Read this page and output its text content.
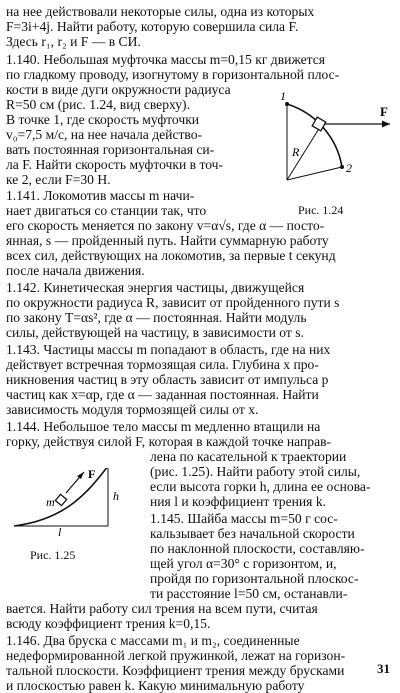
на нее действовали некоторые силы, одна из которых
F=3i+4j. Найти работу, которую совершила сила F.
Здесь r₁, r₂ и F — в СИ.
1.140. Небольшая муфточка массы m=0,15 кг движется
по гладкому проводу, изогнутому в горизонтальной плос-
кости в виде дуги окружности радиуса
R=50 см (рис. 1.24, вид сверху).
В точке 1, где скорость муфточки
v₀=7,5 м/с, на нее начала действо-
вать постоянная горизонтальная си-
ла F. Найти скорость муфточки в точ-
ке 2, если F=30 Н.
1.141. Локомотив массы m начи-
нает двигаться со станции так, что
его скорость меняется по закону v=α√s, где α — посто-
янная, s — пройденный путь. Найти суммарную работу
всех сил, действующих на локомотив, за первые t секунд
после начала движения.
1.142. Кинетическая энергия частицы, движущейся
по окружности радиуса R, зависит от пройденного пути s
по закону T=αs², где α — постоянная. Найти модуль
силы, действующей на частицу, в зависимости от s.
1.143. Частицы массы m попадают в область, где на них
действует встречная тормозящая сила. Глубина x про-
никновения частиц в эту область зависит от импульса p
частиц как x=αp, где α — заданная постоянная. Найти
зависимость модуля тормозящей силы от x.
1.144. Небольшое тело массы m медленно втащили на
горку, действуя силой F, которая в каждой точке направ-
лена по касательной к траектории
(рис. 1.25). Найти работу этой силы,
если высота горки h, длина ее основа-
ния l и коэффициент трения k.
1.145. Шайба массы m=50 г сос-
кальзывает без начальной скорости
по наклонной плоскости, составляю-
щей угол α=30° с горизонтом, и,
пройдя по горизонтальной плоскос-
ти расстояние l=50 см, останавли-
вается. Найти работу сил трения на всем пути, считая
всюду коэффициент трения k=0,15.
1.146. Два бруска с массами m₁ и m₂, соединенные
недеформированной легкой пружинкой, лежат на горизон-
тальной плоскости. Коэффициент трения между брусками
и плоскостью равен k. Какую минимальную работу
1
2
R
F
Рис. 1.24
F
m	h
l
Рис. 1.25
31
